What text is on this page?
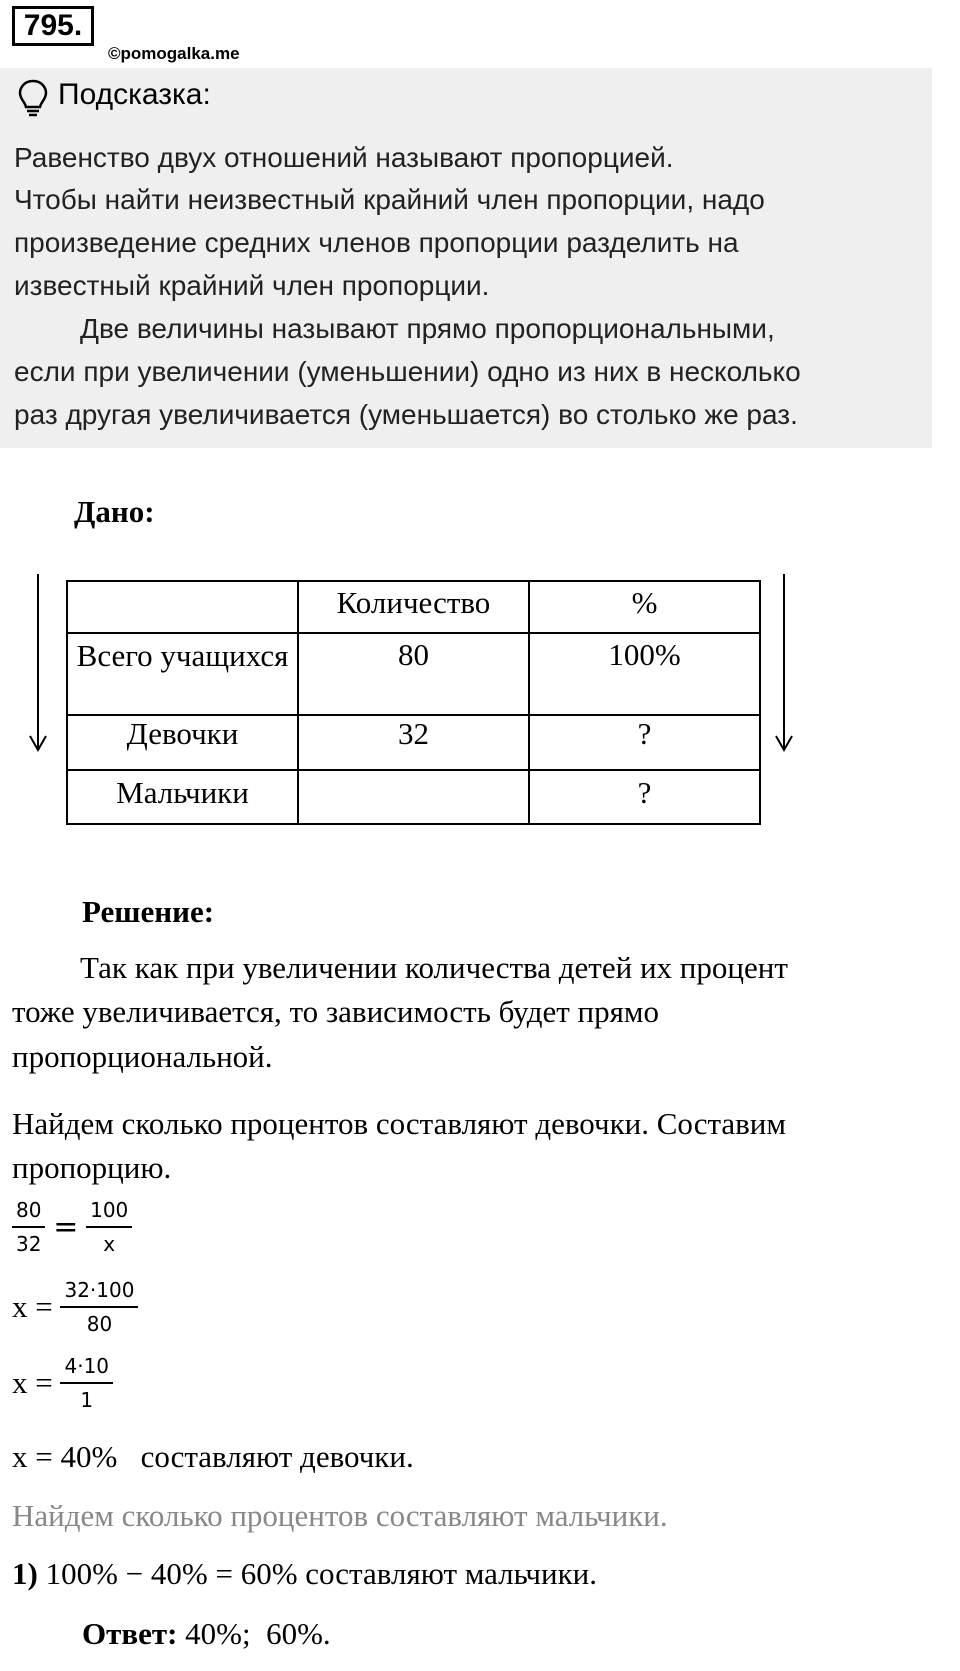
795.
©pomogalka.me
Подсказка:
Равенство двух отношений называют пропорцией.
Чтобы найти неизвестный крайний член пропорции, надо
произведение средних членов пропорции разделить на
известный крайний член пропорции.
Две величины называют прямо пропорциональными,
если при увеличении (уменьшении) одно из них в несколько
раз другая увеличивается (уменьшается) во столько же раз.
Дано:
	Количество	%
Всего учащихся	80	100%
Девочки	32	?
Мальчики		?
Решение:
Так как при увеличении количества детей их процент
тоже увеличивается, то зависимость будет прямо
пропорциональной.
Найдем сколько процентов составляют девочки. Составим
пропорцию.
$\frac{80}{32} = \frac{100}{x}$
$x = \frac{32\cdot 100}{80}$
$x = \frac{4\cdot 10}{1}$
x = 40% составляют девочки.
Найдем сколько процентов составляют мальчики.
1) 100% − 40% = 60% составляют мальчики.
Ответ: 40%;  60%.
